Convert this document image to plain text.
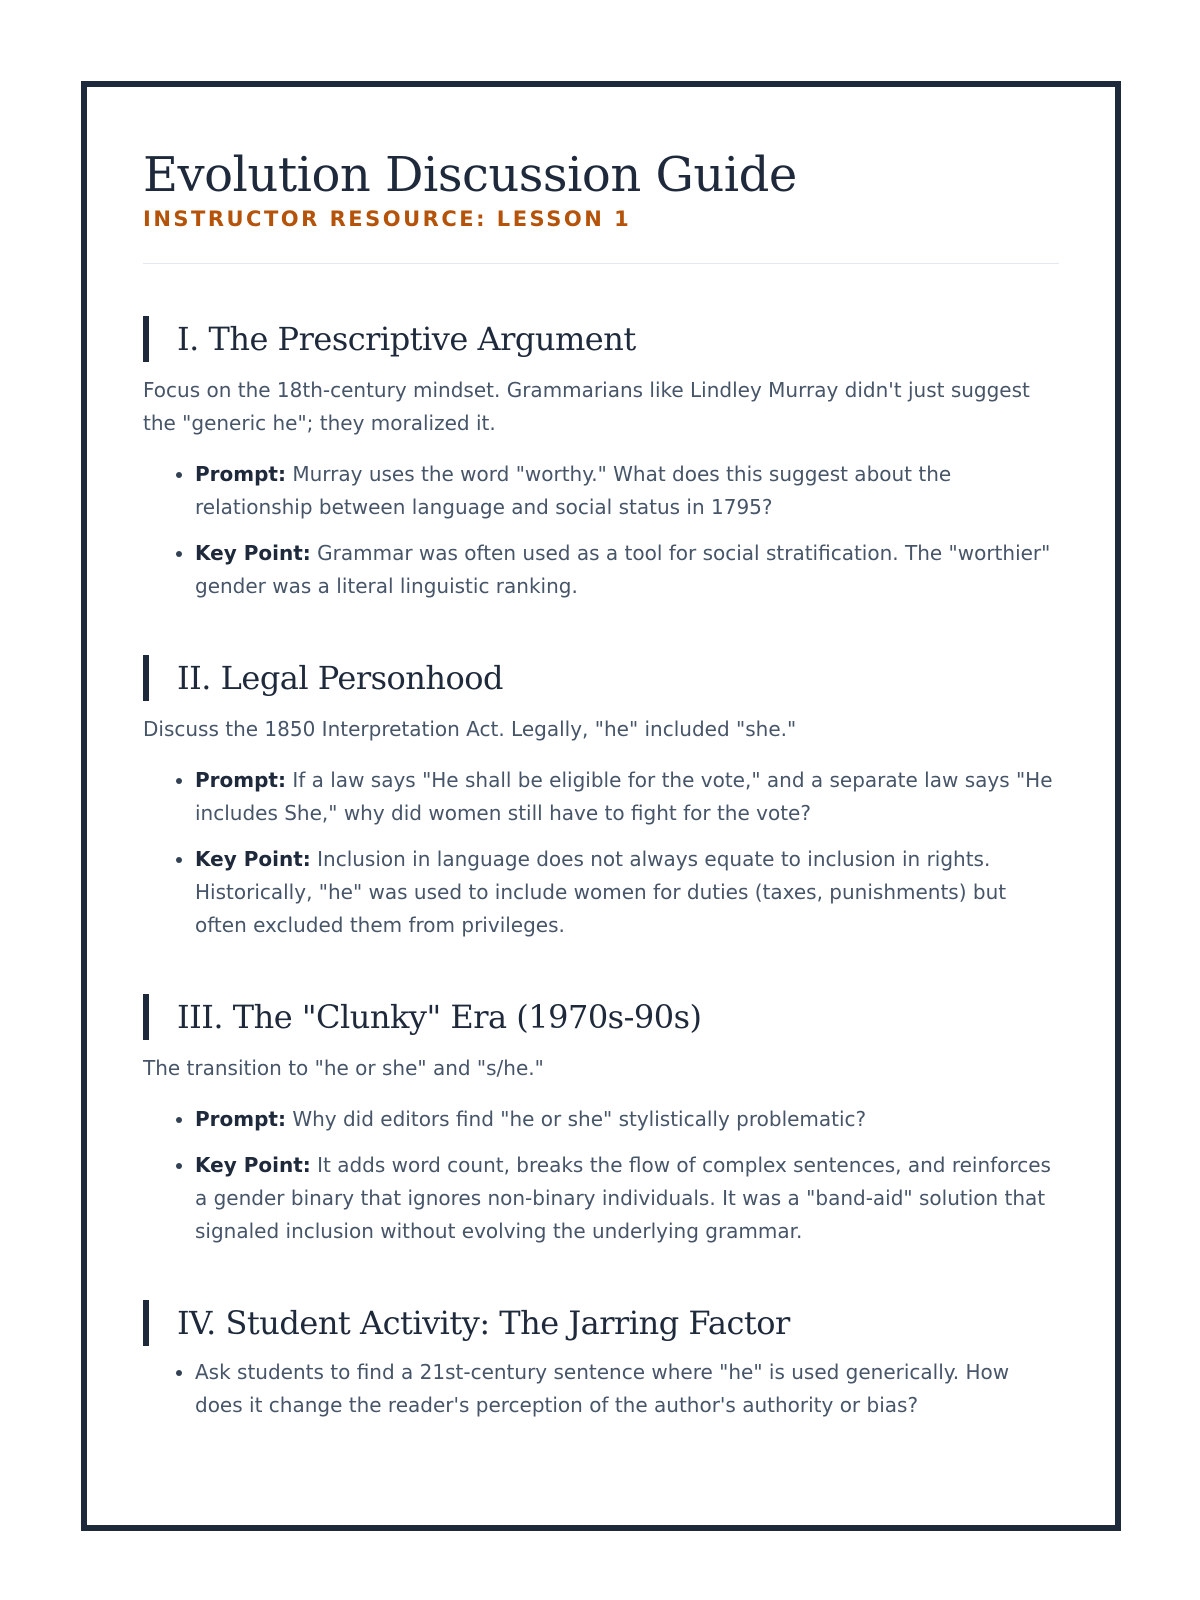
Evolution Discussion Guide
INSTRUCTOR RESOURCE: LESSON 1
I. The Prescriptive Argument
Focus on the 18th-century mindset. Grammarians like Lindley Murray didn't just suggest the "generic he"; they moralized it.
• Prompt: Murray uses the word "worthy." What does this suggest about the relationship between language and social status in 1795?
• Key Point: Grammar was often used as a tool for social stratification. The "worthier" gender was a literal linguistic ranking.
II. Legal Personhood
Discuss the 1850 Interpretation Act. Legally, "he" included "she."
• Prompt: If a law says "He shall be eligible for the vote," and a separate law says "He includes She," why did women still have to fight for the vote?
• Key Point: Inclusion in language does not always equate to inclusion in rights. Historically, "he" was used to include women for duties (taxes, punishments) but often excluded them from privileges.
III. The "Clunky" Era (1970s-90s)
The transition to "he or she" and "s/he."
• Prompt: Why did editors find "he or she" stylistically problematic?
• Key Point: It adds word count, breaks the flow of complex sentences, and reinforces a gender binary that ignores non-binary individuals. It was a "band-aid" solution that signaled inclusion without evolving the underlying grammar.
IV. Student Activity: The Jarring Factor
• Ask students to find a 21st-century sentence where "he" is used generically. How does it change the reader's perception of the author's authority or bias?
